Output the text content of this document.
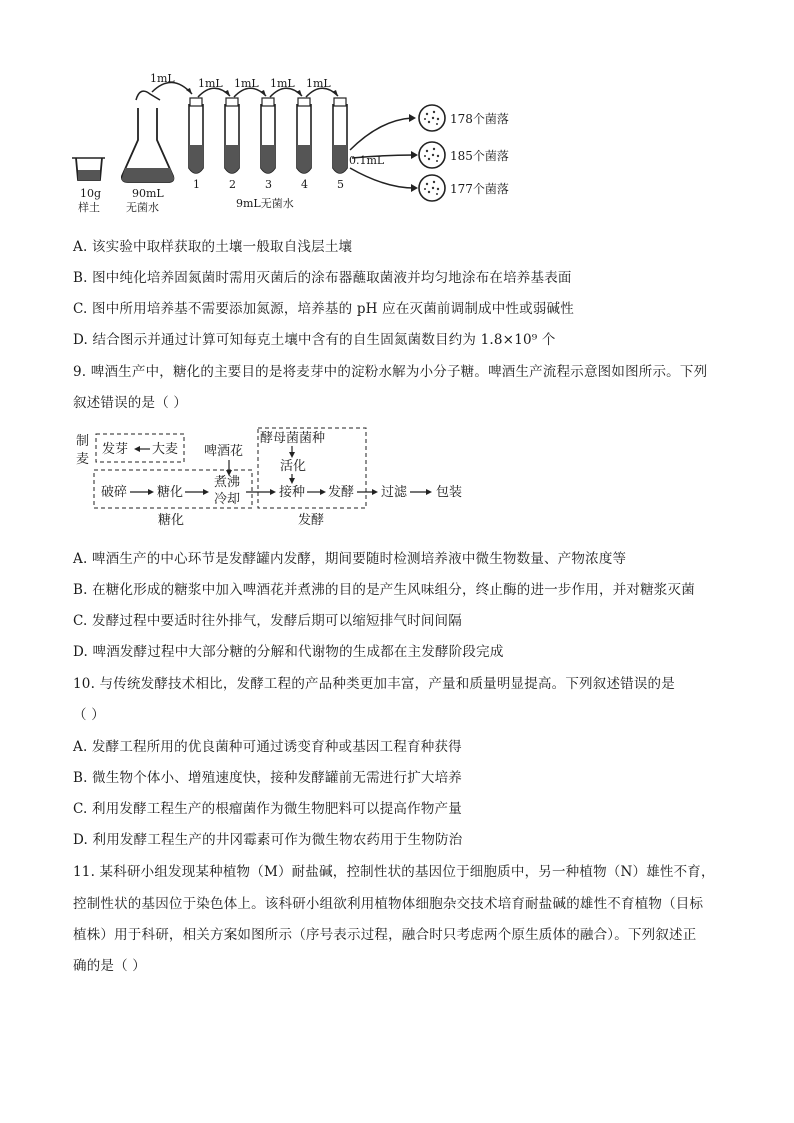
10g
样土
90mL
无菌水
1mL 1mL 1mL 1mL 1mL
1	2	3	4	5
9mL无菌水
0.1mL
178个菌落
185个菌落
177个菌落
A. 该实验中取样获取的土壤一般取自浅层土壤
B. 图中纯化培养固氮菌时需用灭菌后的涂布器蘸取菌液并均匀地涂布在培养基表面
C. 图中所用培养基不需要添加氮源，培养基的 pH 应在灭菌前调制成中性或弱碱性
D. 结合图示并通过计算可知每克土壤中含有的自生固氮菌数目约为 1.8×10⁹ 个
9. 啤酒生产中，糖化的主要目的是将麦芽中的淀粉水解为小分子糖。啤酒生产流程示意图如图所示。下列
叙述错误的是（ ）
制
麦
发芽 大麦 啤酒花
酵母菌菌种
活化
破碎 糖化
煮沸
冷却	接种 发酵 过滤 包装
糖化	发酵
A. 啤酒生产的中心环节是发酵罐内发酵，期间要随时检测培养液中微生物数量、产物浓度等
B. 在糖化形成的糖浆中加入啤酒花并煮沸的目的是产生风味组分，终止酶的进一步作用，并对糖浆灭菌
C. 发酵过程中要适时往外排气，发酵后期可以缩短排气时间间隔
D. 啤酒发酵过程中大部分糖的分解和代谢物的生成都在主发酵阶段完成
10. 与传统发酵技术相比，发酵工程的产品种类更加丰富，产量和质量明显提高。下列叙述错误的是
（ ）
A. 发酵工程所用的优良菌种可通过诱变育种或基因工程育种获得
B. 微生物个体小、增殖速度快，接种发酵罐前无需进行扩大培养
C. 利用发酵工程生产的根瘤菌作为微生物肥料可以提高作物产量
D. 利用发酵工程生产的井冈霉素可作为微生物农药用于生物防治
11. 某科研小组发现某种植物（M）耐盐碱，控制性状的基因位于细胞质中，另一种植物（N）雄性不育，
控制性状的基因位于染色体上。该科研小组欲利用植物体细胞杂交技术培育耐盐碱的雄性不育植物（目标
植株）用于科研，相关方案如图所示（序号表示过程，融合时只考虑两个原生质体的融合）。下列叙述正
确的是（ ）
